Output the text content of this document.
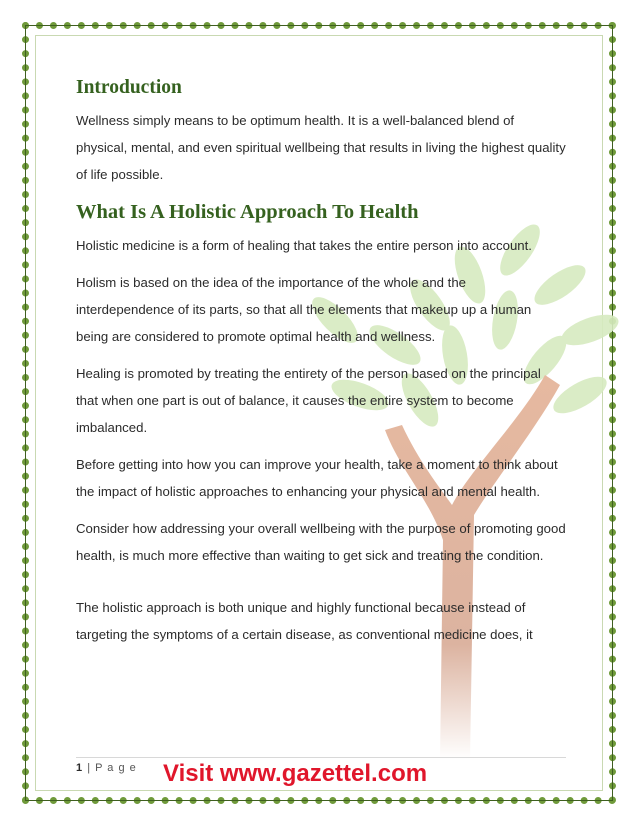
Introduction

Wellness simply means to be optimum health. It is a well-balanced blend of physical, mental, and even spiritual wellbeing that results in living the highest quality of life possible.

What Is A Holistic Approach To Health

Holistic medicine is a form of healing that takes the entire person into account.

Holism is based on the idea of the importance of the whole and the interdependence of its parts, so that all the elements that makeup up a human being are considered to promote optimal health and wellness.

Healing is promoted by treating the entirety of the person based on the principal that when one part is out of balance, it causes the entire system to become imbalanced.

Before getting into how you can improve your health, take a moment to think about the impact of holistic approaches to enhancing your physical and mental health.

Consider how addressing your overall wellbeing with the purpose of promoting good health, is much more effective than waiting to get sick and treating the condition.

The holistic approach is both unique and highly functional because instead of targeting the symptoms of a certain disease, as conventional medicine does, it

1 | P a g e Visit www.gazettel.com
